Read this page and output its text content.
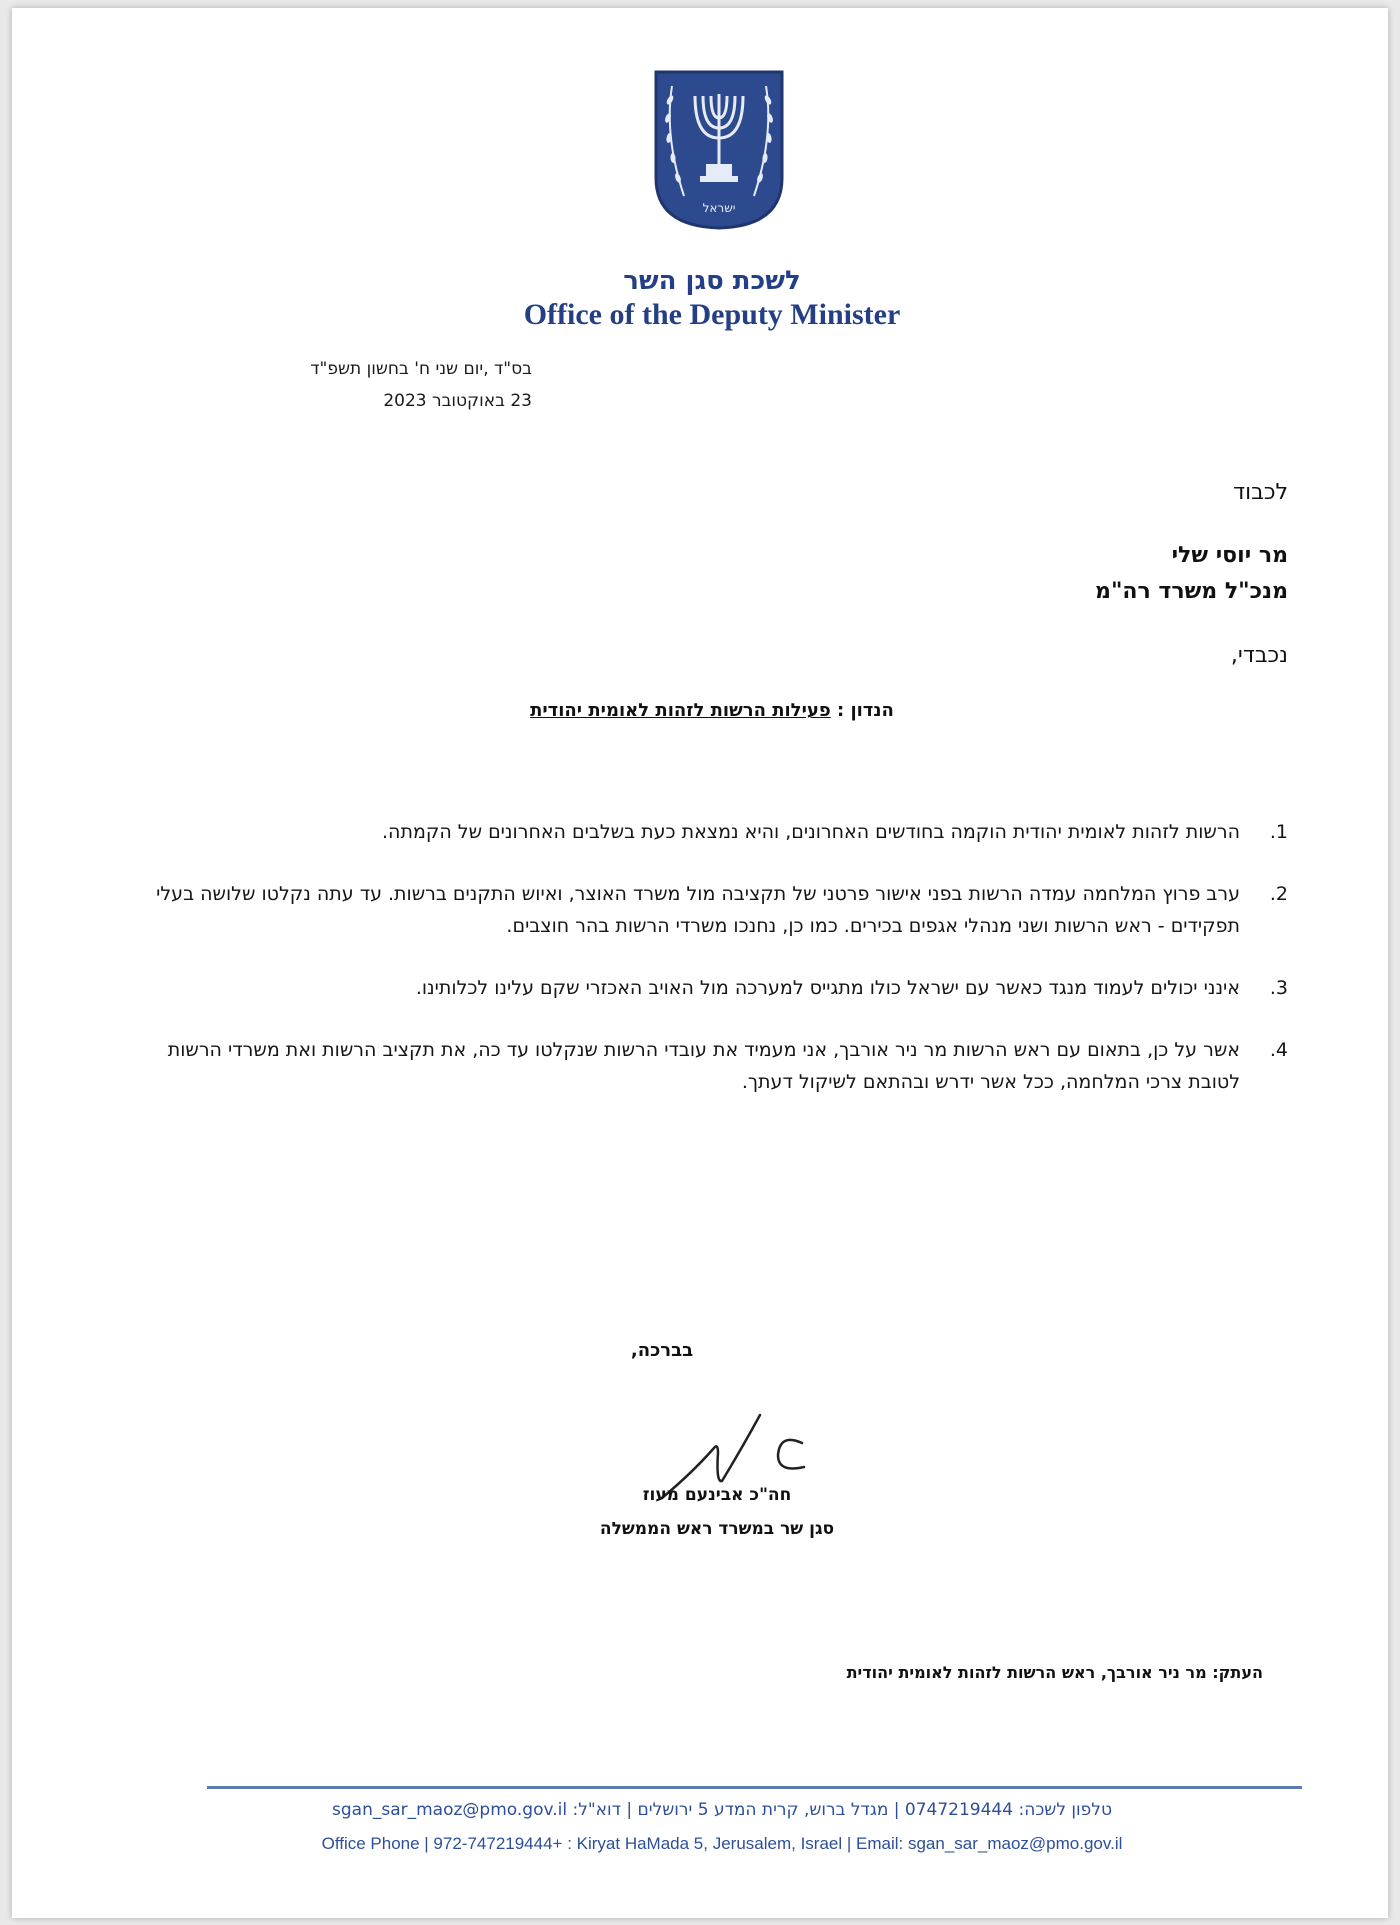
ישראל
לשכת סגן השר
Office of the Deputy Minister
בס"ד ,יום שני ח' בחשון תשפ"ד
23 באוקטובר 2023
לכבוד
מר יוסי שלי
מנכ"ל משרד רה"מ
נכבדי,
הנדון : פעילות הרשות לזהות לאומית יהודית
1.
הרשות לזהות לאומית יהודית הוקמה בחודשים האחרונים, והיא נמצאת כעת בשלבים האחרונים של הקמתה.
2.
ערב פרוץ המלחמה עמדה הרשות בפני אישור פרטני של תקציבה מול משרד האוצר, ואיוש התקנים ברשות. עד עתה נקלטו שלושה בעלי תפקידים - ראש הרשות ושני מנהלי אגפים בכירים. כמו כן, נחנכו משרדי הרשות בהר חוצבים.
3.
אינני יכולים לעמוד מנגד כאשר עם ישראל כולו מתגייס למערכה מול האויב האכזרי שקם עלינו לכלותינו.
4.
אשר על כן, בתאום עם ראש הרשות מר ניר אורבך, אני מעמיד את עובדי הרשות שנקלטו עד כה, את תקציב הרשות ואת משרדי הרשות לטובת צרכי המלחמה, ככל אשר ידרש ובהתאם לשיקול דעתך.
בברכה,
חה"כ אבינעם מעוז
סגן שר במשרד ראש הממשלה
העתק: מר ניר אורבך, ראש הרשות לזהות לאומית יהודית
טלפון לשכה: 0747219444 | מגדל ברוש, קרית המדע 5 ירושלים | דוא"ל: sgan_sar_maoz@pmo.gov.il
Office Phone | 972-747219444+ : Kiryat HaMada 5, Jerusalem, Israel | Email: sgan_sar_maoz@pmo.gov.il
